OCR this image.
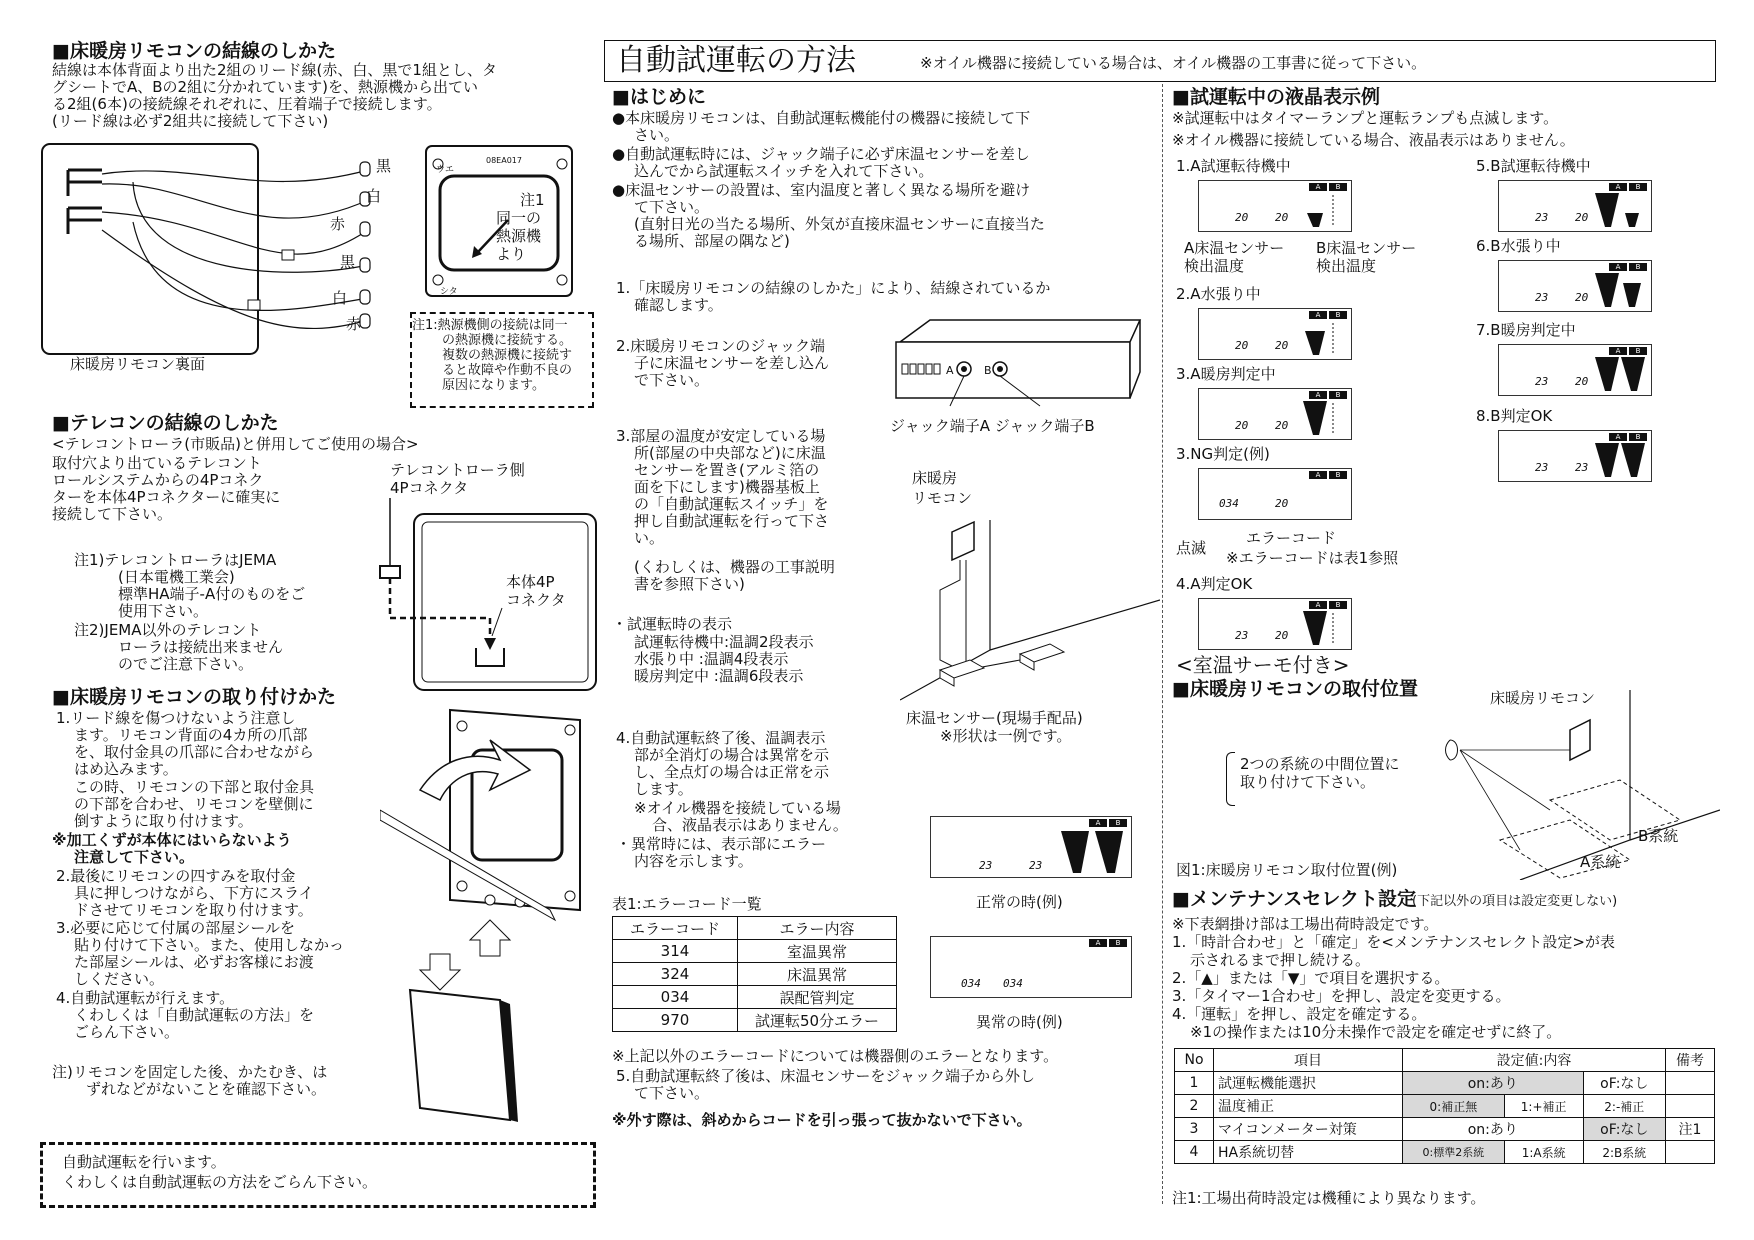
■床暖房リモコンの結線のしかた
結線は本体背面より出た2組のリード線(赤、白、黒で1組とし、タ
グシートでA、Bの2組に分かれています)を、熱源機から出てい
る2組(6本)の接続線それぞれに、圧着端子で接続します。
(リード線は必ず2組共に接続して下さい)
黒
白
赤
黒
白
赤
ウエ
08EA017
シタ
注1
同一の
熱源機
より
床暖房リモコン裏面
注1:熱源機側の接続は同一
の熱源機に接続する。
複数の熱源機に接続す
ると故障や作動不良の
原因になります。
■テレコンの結線のしかた
<テレコントローラ(市販品)と併用してご使用の場合>
取付穴より出ているテレコント
ロールシステムからの4Pコネク
ターを本体4Pコネクターに確実に
接続して下さい。
テレコントローラ側
4Pコネクタ
本体4P
コネクタ
注1)テレコントローラはJEMA
(日本電機工業会)
標準HA端子-A付のものをご
使用下さい。
注2)JEMA以外のテレコント
ローラは接続出来ません
のでご注意下さい。
■床暖房リモコンの取り付けかた
1.リード線を傷つけないよう注意し
ます。リモコン背面の4カ所の爪部
を、取付金具の爪部に合わせながら
はめ込みます。
この時、リモコンの下部と取付金具
の下部を合わせ、リモコンを壁側に
倒すように取り付けます。
※加工くずが本体にはいらないよう
注意して下さい。
2.最後にリモコンの四すみを取付金
具に押しつけながら、下方にスライ
ドさせてリモコンを取り付けます。
3.必要に応じて付属の部屋シールを
貼り付けて下さい。また、使用しなかっ
た部屋シールは、必ずお客様にお渡
しください。
4.自動試運転が行えます。
くわしくは「自動試運転の方法」を
ごらん下さい。
注)リモコンを固定した後、かたむき、は
ずれなどがないことを確認下さい。
自動試運転を行います。
くわしくは自動試運転の方法をごらん下さい。
自動試運転の方法	※オイル機器に接続している場合は、オイル機器の工事書に従って下さい。
■はじめに
●本床暖房リモコンは、自動試運転機能付の機器に接続して下
さい。
●自動試運転時には、ジャック端子に必ず床温センサーを差し
込んでから試運転スイッチを入れて下さい。
●床温センサーの設置は、室内温度と著しく異なる場所を避け
て下さい。
(直射日光の当たる場所、外気が直接床温センサーに直接当た
る場所、部屋の隅など)
1.「床暖房リモコンの結線のしかた」により、結線されているか
確認します。
2.床暖房リモコンのジャック端
子に床温センサーを差し込ん
で下さい。
A	B
ジャック端子A ジャック端子B
3.部屋の温度が安定している場
所(部屋の中央部など)に床温
センサーを置き(アルミ箔の
面を下にします)機器基板上
の「自動試運転スイッチ」を
押し自動試運転を行って下さ
い。
(くわしくは、機器の工事説明
書を参照下さい)
床暖房
リモコン
・試運転時の表示
試運転待機中:温調2段表示
水張り中 :温調4段表示
暖房判定中 :温調6段表示
床温センサー(現場手配品)
※形状は一例です。
4.自動試運転終了後、温調表示
部が全消灯の場合は異常を示
し、全点灯の場合は正常を示
します。
※オイル機器を接続している場
合、液晶表示はありません。
・異常時には、表示部にエラー
内容を示します。
A	B
23	23
正常の時(例)
A	B
034 034
異常の時(例)
表1:エラーコード一覧
エラーコード	エラー内容
314	室温異常
324	床温異常
034	誤配管判定
970	試運転50分エラー
※上記以外のエラーコードについては機器側のエラーとなります。
5.自動試運転終了後は、床温センサーをジャック端子から外し
て下さい。
※外す際は、斜めからコードを引っ張って抜かないで下さい。
■試運転中の液晶表示例
※試運転中はタイマーランプと運転ランプも点滅します。
※オイル機器に接続している場合、液晶表示はありません。
1.A試運転待機中
A	B
20 20
A床温センサー
検出温度
B床温センサー
検出温度
2.A水張り中
A	B
20 20
3.A暖房判定中
A	B
20 20
3.NG判定(例)
A	B
034	20
点滅
エラーコード
※エラーコードは表1参照
4.A判定OK
A	B
23 20
5.B試運転待機中
A	B
23 20
6.B水張り中
A	B
23 20
7.B暖房判定中
A	B
23 20
8.B判定OK
A	B
23 23
<室温サーモ付き>
■床暖房リモコンの取付位置	床暖房リモコン
2つの系統の中間位置に
取り付けて下さい。
B系統
A系統
図1:床暖房リモコン取付位置(例)
■メンテナンスセレクト設定
(下記以外の項目は設定変更しない)
※下表網掛け部は工場出荷時設定です。
1.「時計合わせ」と「確定」を<メンテナンスセレクト設定>が表
示されるまで押し続ける。
2.「▲」または「▼」で項目を選択する。
3.「タイマー1合わせ」を押し、設定を変更する。
4.「運転」を押し、設定を確定する。
※1の操作または10分未操作で設定を確定せずに終了。
No	項目	設定値:内容			備考
1	試運転機能選択	on:あり		oF:なし	
2	温度補正	0:補正無	1:+補正	2:-補正	
3	マイコンメーター対策	on:あり		oF:なし	注1
4	HA系統切替	0:標準2系統	1:A系統	2:B系統	
注1:工場出荷時設定は機種により異なります。
